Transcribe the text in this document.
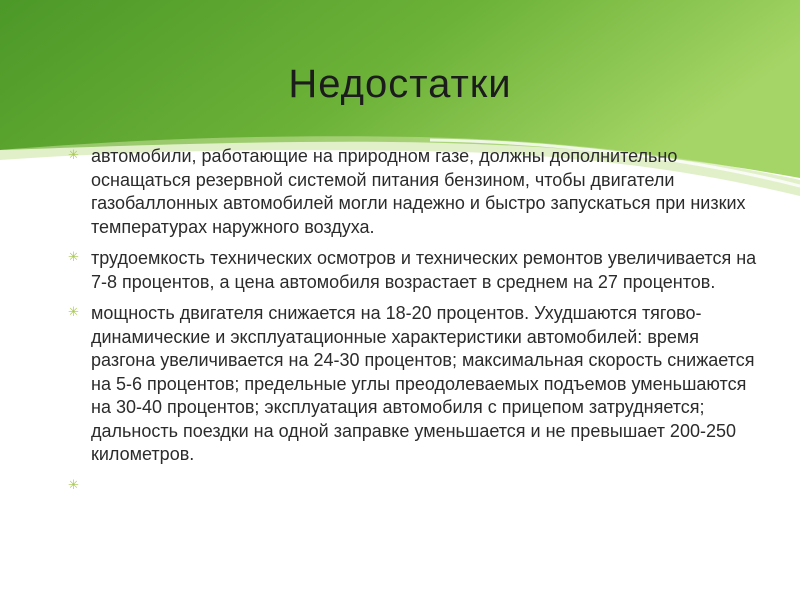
Недостатки
✳ автомобили, работающие на природном газе, должны дополнительно оснащаться резервной системой питания бензином, чтобы двигатели газобаллонных автомобилей могли надежно и быстро запускаться при низких температурах наружного воздуха.
✳ трудоемкость технических осмотров и технических ремонтов увеличивается на 7-8 процентов, а цена автомобиля возрастает в среднем на 27 процентов.
✳ мощность двигателя снижается на 18-20 процентов. Ухудшаются тягово-динамические и эксплуатационные характеристики автомобилей: время разгона увеличивается на 24-30 процентов; максимальная скорость снижается на 5-6 процентов; предельные углы преодолеваемых подъемов уменьшаются на 30-40 процентов; эксплуатация автомобиля с прицепом затрудняется; дальность поездки на одной заправке уменьшается и не превышает 200-250 километров.
✳
